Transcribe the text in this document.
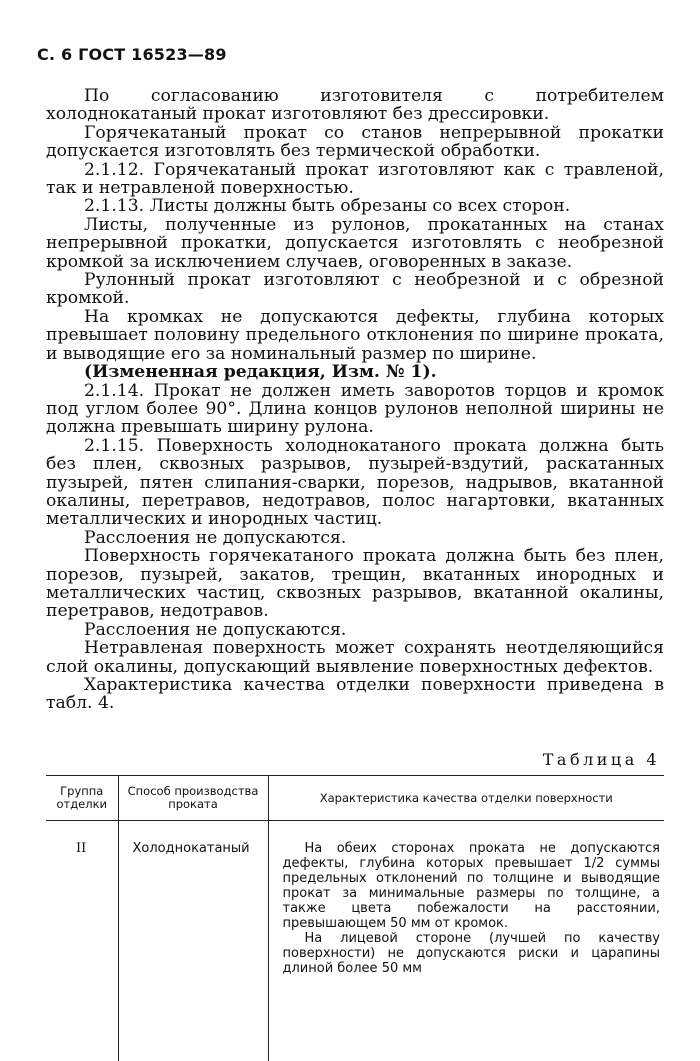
С. 6 ГОСТ 16523—89

По согласованию изготовителя с потребителем холоднокатаный прокат изготовляют без дрессировки.

Горячекатаный прокат со станов непрерывной прокатки допускается изготовлять без термической обработки.

2.1.12. Горячекатаный прокат изготовляют как с травленой, так и нетравленой поверхностью.

2.1.13. Листы должны быть обрезаны со всех сторон.

Листы, полученные из рулонов, прокатанных на станах непрерывной прокатки, допускается изготовлять с необрезной кромкой за исключением случаев, оговоренных в заказе.

Рулонный прокат изготовляют с необрезной и с обрезной кромкой.

На кромках не допускаются дефекты, глубина которых превышает половину предельного отклонения по ширине проката, и выводящие его за номинальный размер по ширине.

(Измененная редакция, Изм. № 1).

2.1.14. Прокат не должен иметь заворотов торцов и кромок под углом более 90°. Длина концов рулонов неполной ширины не должна превышать ширину рулона.

2.1.15. Поверхность холоднокатаного проката должна быть без плен, сквозных разрывов, пузырей-вздутий, раскатанных пузырей, пятен слипания-сварки, порезов, надрывов, вкатанной окалины, перетравов, недотравов, полос нагартовки, вкатанных металлических и инородных частиц.

Расслоения не допускаются.

Поверхность горячекатаного проката должна быть без плен, порезов, пузырей, закатов, трещин, вкатанных инородных и металлических частиц, сквозных разрывов, вкатанной окалины, перетравов, недотравов.

Расслоения не допускаются.

Нетравленая поверхность может сохранять неотделяющийся слой окалины, допускающий выявление поверхностных дефектов.

Характеристика качества отделки поверхности приведена в табл. 4.

Таблица 4
Группа отделки	Способ производства проката	Характеристика качества отделки поверхности
II	Холоднокатаный	На обеих сторонах проката не допускаются дефекты, глубина которых превышает 1/2 суммы предельных отклонений по толщине и выводящие прокат за минимальные размеры по толщине, а также цвета побежалости на расстоянии, превышающем 50 мм от кромок.

На лицевой стороне (лучшей по качеству поверхности) не допускаются риски и царапины длиной более 50 мм
